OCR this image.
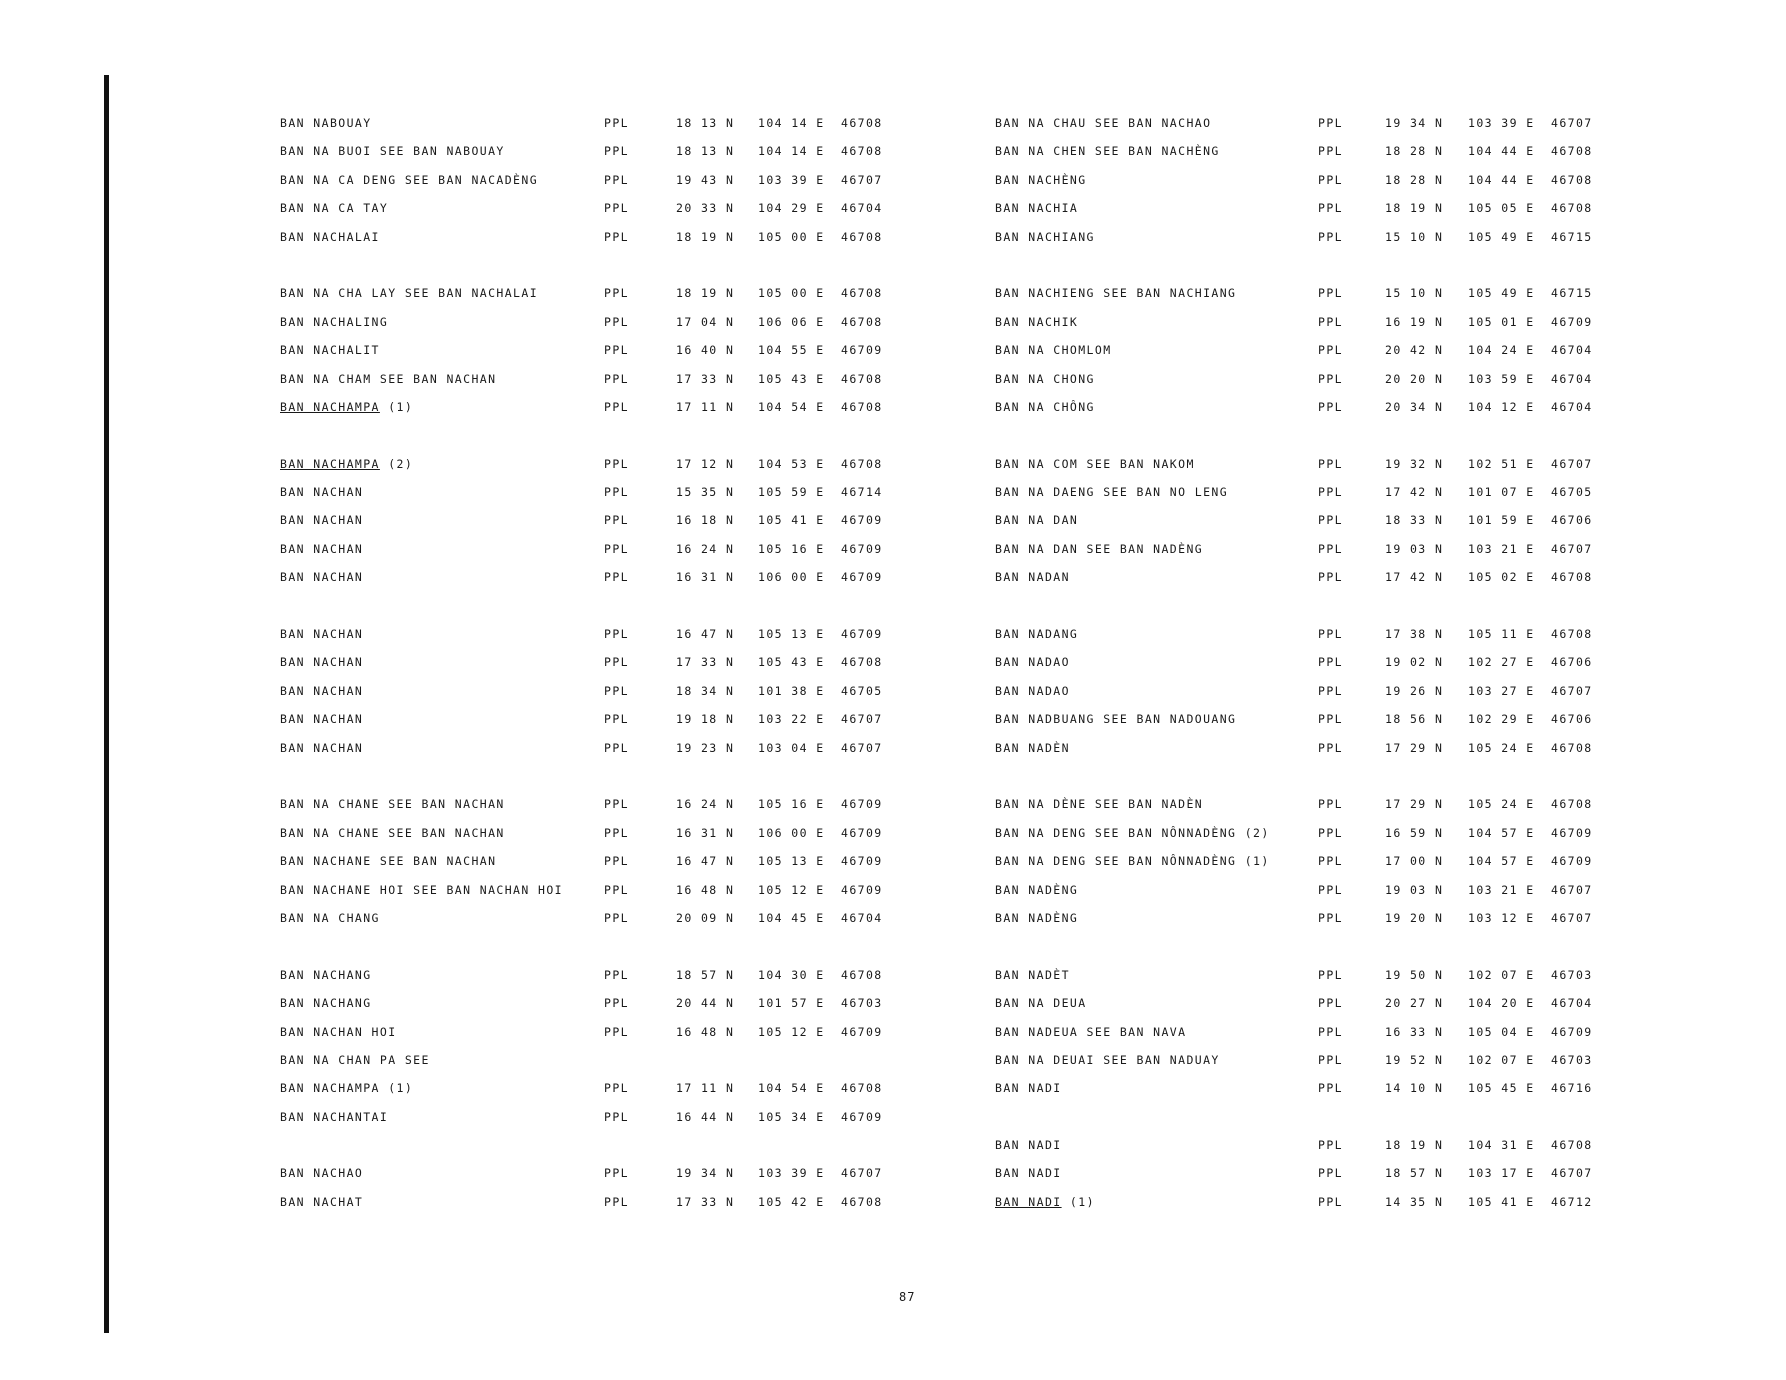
BAN NABOUAY	PPL	18 13 N 104 14 E 46708
BAN NA BUOI SEE BAN NABOUAY	PPL	18 13 N 104 14 E 46708
BAN NA CA DENG SEE BAN NACADÈNG	PPL	19 43 N 103 39 E 46707
BAN NA CA TAY	PPL	20 33 N 104 29 E 46704
BAN NACHALAI	PPL	18 19 N 105 00 E 46708
BAN NA CHA LAY SEE BAN NACHALAI	PPL	18 19 N 105 00 E 46708
BAN NACHALING	PPL	17 04 N 106 06 E 46708
BAN NACHALIT	PPL	16 40 N 104 55 E 46709
BAN NA CHAM SEE BAN NACHAN	PPL	17 33 N 105 43 E 46708
BAN NACHAMPA (1)	PPL	17 11 N 104 54 E 46708
BAN NACHAMPA (2)	PPL	17 12 N 104 53 E 46708
BAN NACHAN	PPL	15 35 N 105 59 E 46714
BAN NACHAN	PPL	16 18 N 105 41 E 46709
BAN NACHAN	PPL	16 24 N 105 16 E 46709
BAN NACHAN	PPL	16 31 N 106 00 E 46709
BAN NACHAN	PPL	16 47 N 105 13 E 46709
BAN NACHAN	PPL	17 33 N 105 43 E 46708
BAN NACHAN	PPL	18 34 N 101 38 E 46705
BAN NACHAN	PPL	19 18 N 103 22 E 46707
BAN NACHAN	PPL	19 23 N 103 04 E 46707
BAN NA CHANE SEE BAN NACHAN	PPL	16 24 N 105 16 E 46709
BAN NA CHANE SEE BAN NACHAN	PPL	16 31 N 106 00 E 46709
BAN NACHANE SEE BAN NACHAN	PPL	16 47 N 105 13 E 46709
BAN NACHANE HOI SEE BAN NACHAN HOI	PPL	16 48 N 105 12 E 46709
BAN NA CHANG	PPL	20 09 N 104 45 E 46704
BAN NACHANG	PPL	18 57 N 104 30 E 46708
BAN NACHANG	PPL	20 44 N 101 57 E 46703
BAN NACHAN HOI	PPL	16 48 N 105 12 E 46709
BAN NA CHAN PA SEE
BAN NACHAMPA (1)	PPL	17 11 N 104 54 E 46708
BAN NACHANTAI	PPL	16 44 N 105 34 E 46709
BAN NACHAO	PPL	19 34 N 103 39 E 46707
BAN NACHAT	PPL	17 33 N 105 42 E 46708
BAN NA CHAU SEE BAN NACHAO	PPL	19 34 N 103 39 E 46707
BAN NA CHEN SEE BAN NACHÈNG	PPL	18 28 N 104 44 E 46708
BAN NACHÈNG	PPL	18 28 N 104 44 E 46708
BAN NACHIA	PPL	18 19 N 105 05 E 46708
BAN NACHIANG	PPL	15 10 N 105 49 E 46715
BAN NACHIENG SEE BAN NACHIANG	PPL	15 10 N 105 49 E 46715
BAN NACHIK	PPL	16 19 N 105 01 E 46709
BAN NA CHOMLOM	PPL	20 42 N 104 24 E 46704
BAN NA CHONG	PPL	20 20 N 103 59 E 46704
BAN NA CHÔNG	PPL	20 34 N 104 12 E 46704
BAN NA COM SEE BAN NAKOM	PPL	19 32 N 102 51 E 46707
BAN NA DAENG SEE BAN NO LENG	PPL	17 42 N 101 07 E 46705
BAN NA DAN	PPL	18 33 N 101 59 E 46706
BAN NA DAN SEE BAN NADÈNG	PPL	19 03 N 103 21 E 46707
BAN NADAN	PPL	17 42 N 105 02 E 46708
BAN NADANG	PPL	17 38 N 105 11 E 46708
BAN NADAO	PPL	19 02 N 102 27 E 46706
BAN NADAO	PPL	19 26 N 103 27 E 46707
BAN NADBUANG SEE BAN NADOUANG	PPL	18 56 N 102 29 E 46706
BAN NADÈN	PPL	17 29 N 105 24 E 46708
BAN NA DÈNE SEE BAN NADÈN	PPL	17 29 N 105 24 E 46708
BAN NA DENG SEE BAN NÔNNADÈNG (2)	PPL	16 59 N 104 57 E 46709
BAN NA DENG SEE BAN NÔNNADÈNG (1)	PPL	17 00 N 104 57 E 46709
BAN NADÈNG	PPL	19 03 N 103 21 E 46707
BAN NADÈNG	PPL	19 20 N 103 12 E 46707
BAN NADÈT	PPL	19 50 N 102 07 E 46703
BAN NA DEUA	PPL	20 27 N 104 20 E 46704
BAN NADEUA SEE BAN NAVA	PPL	16 33 N 105 04 E 46709
BAN NA DEUAI SEE BAN NADUAY	PPL	19 52 N 102 07 E 46703
BAN NADI	PPL	14 10 N 105 45 E 46716
BAN NADI	PPL	18 19 N 104 31 E 46708
BAN NADI	PPL	18 57 N 103 17 E 46707
BAN NADI (1)	PPL	14 35 N 105 41 E 46712
87
